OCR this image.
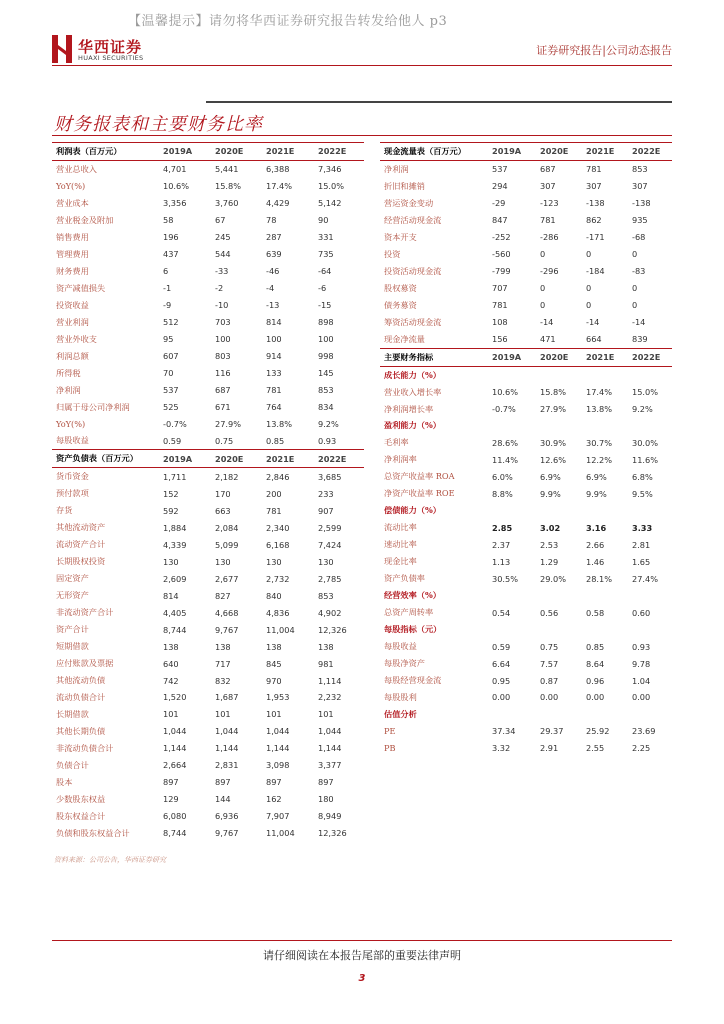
【温馨提示】请勿将华西证券研究报告转发给他人 p3
华西证券
HUAXI SECURITIES
证券研究报告|公司动态报告
财务报表和主要财务比率
利润表（百万元）	2019A	2020E	2021E	2022E
营业总收入	4,701	5,441	6,388	7,346
YoY(%)	10.6%	15.8%	17.4%	15.0%
营业成本	3,356	3,760	4,429	5,142
营业税金及附加	58	67	78	90
销售费用	196	245	287	331
管理费用	437	544	639	735
财务费用	6	-33	-46	-64
资产减值损失	-1	-2	-4	-6
投资收益	-9	-10	-13	-15
营业利润	512	703	814	898
营业外收支	95	100	100	100
利润总额	607	803	914	998
所得税	70	116	133	145
净利润	537	687	781	853
归属于母公司净利润	525	671	764	834
YoY(%)	-0.7%	27.9%	13.8%	9.2%
每股收益	0.59	0.75	0.85	0.93
资产负债表（百万元）	2019A	2020E	2021E	2022E
货币资金	1,711	2,182	2,846	3,685
预付款项	152	170	200	233
存货	592	663	781	907
其他流动资产	1,884	2,084	2,340	2,599
流动资产合计	4,339	5,099	6,168	7,424
长期股权投资	130	130	130	130
固定资产	2,609	2,677	2,732	2,785
无形资产	814	827	840	853
非流动资产合计	4,405	4,668	4,836	4,902
资产合计	8,744	9,767	11,004	12,326
短期借款	138	138	138	138
应付账款及票据	640	717	845	981
其他流动负债	742	832	970	1,114
流动负债合计	1,520	1,687	1,953	2,232
长期借款	101	101	101	101
其他长期负债	1,044	1,044	1,044	1,044
非流动负债合计	1,144	1,144	1,144	1,144
负债合计	2,664	2,831	3,098	3,377
股本	897	897	897	897
少数股东权益	129	144	162	180
股东权益合计	6,080	6,936	7,907	8,949
负债和股东权益合计	8,744	9,767	11,004	12,326
现金流量表（百万元）	2019A	2020E	2021E	2022E
净利润	537	687	781	853
折旧和摊销	294	307	307	307
营运资金变动	-29	-123	-138	-138
经营活动现金流	847	781	862	935
资本开支	-252	-286	-171	-68
投资	-560	0	0	0
投资活动现金流	-799	-296	-184	-83
股权募资	707	0	0	0
债务募资	781	0	0	0
筹资活动现金流	108	-14	-14	-14
现金净流量	156	471	664	839
主要财务指标	2019A	2020E	2021E	2022E
成长能力（%）				
营业收入增长率	10.6%	15.8%	17.4%	15.0%
净利润增长率	-0.7%	27.9%	13.8%	9.2%
盈利能力（%）				
毛利率	28.6%	30.9%	30.7%	30.0%
净利润率	11.4%	12.6%	12.2%	11.6%
总资产收益率 ROA	6.0%	6.9%	6.9%	6.8%
净资产收益率 ROE	8.8%	9.9%	9.9%	9.5%
偿债能力（%）				
流动比率	2.85	3.02	3.16	3.33
速动比率	2.37	2.53	2.66	2.81
现金比率	1.13	1.29	1.46	1.65
资产负债率	30.5%	29.0%	28.1%	27.4%
经营效率（%）				
总资产周转率	0.54	0.56	0.58	0.60
每股指标（元）				
每股收益	0.59	0.75	0.85	0.93
每股净资产	6.64	7.57	8.64	9.78
每股经营现金流	0.95	0.87	0.96	1.04
每股股利	0.00	0.00	0.00	0.00
估值分析				
PE	37.34	29.37	25.92	23.69
PB	3.32	2.91	2.55	2.25
资料来源：公司公告，华西证券研究
请仔细阅读在本报告尾部的重要法律声明
3
